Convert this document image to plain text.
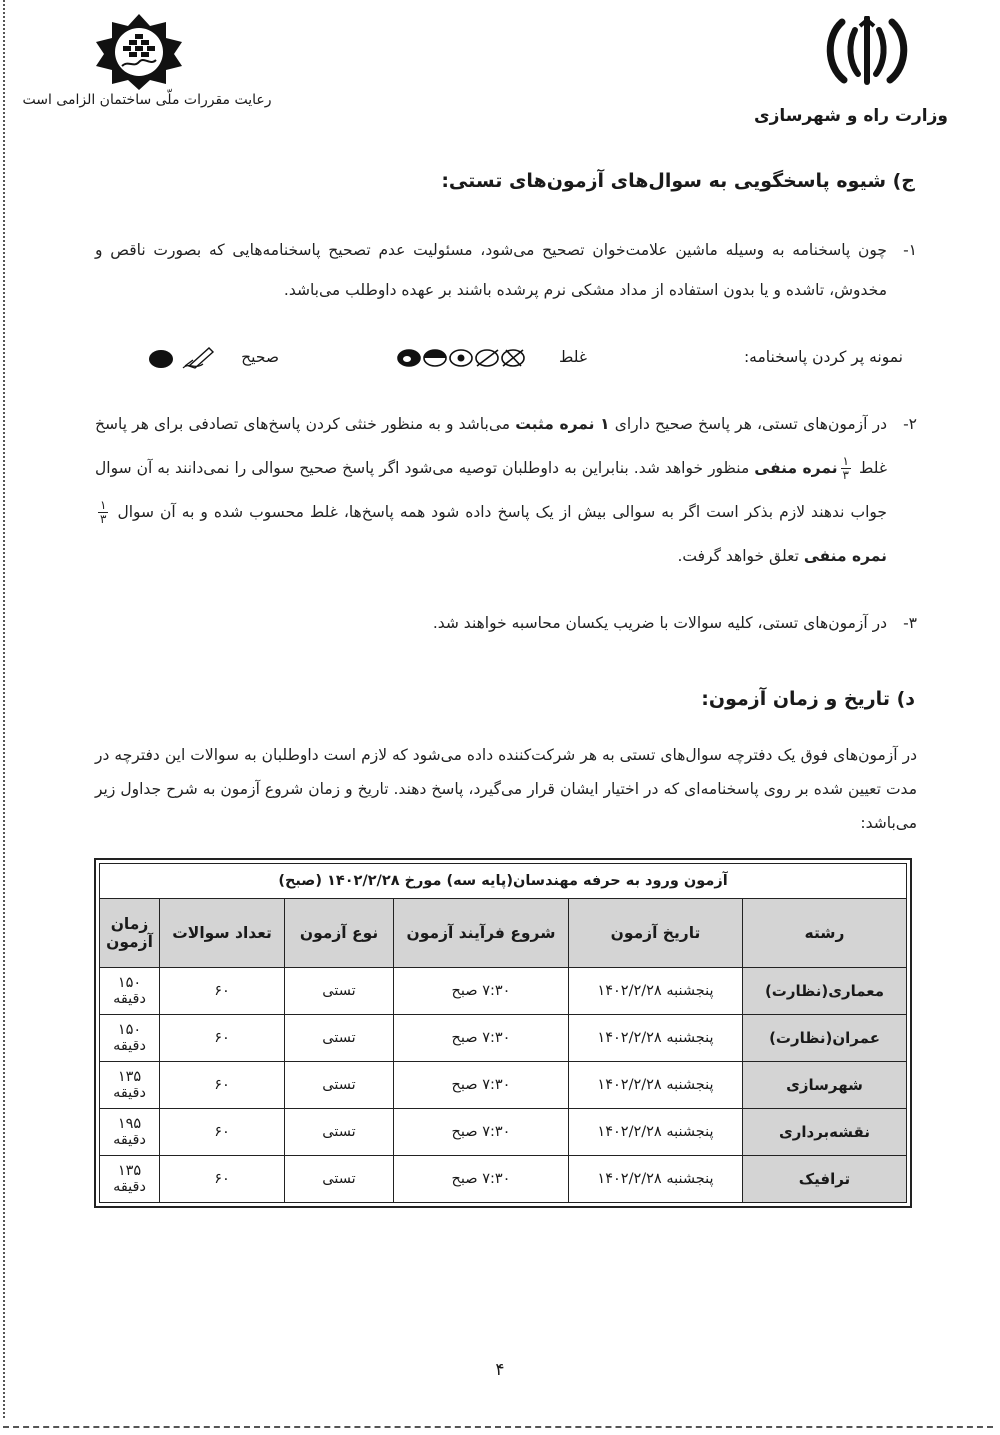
وزارت راه و شهرسازی
رعایت مقررات ملّی ساختمان الزامی است
ج) شیوه پاسخگویی به سوال‌های آزمون‌های تستی:
۱-
چون پاسخنامه به وسیله ماشین علامت‌خوان تصحیح می‌شود، مسئولیت عدم تصحیح پاسخنامه‌هایی که بصورت ناقص و مخدوش، تاشده و یا بدون استفاده از مداد مشکی نرم پرشده باشند بر عهده داوطلب می‌باشد.
نمونه پر کردن پاسخنامه:
غلط
صحیح
۲-
در آزمون‌های تستی، هر پاسخ صحیح دارای ۱ نمره مثبت می‌باشد و به منظور خنثی کردن پاسخ‌های تصادفی برای هر پاسخ غلط
$\frac{۱}{۳}$
نمره منفی منظور خواهد شد. بنابراین به داوطلبان توصیه می‌شود اگر پاسخ صحیح سوالی را نمی‌دانند به آن سوال جواب ندهند لازم بذکر است اگر به سوالی بیش از یک پاسخ داده شود همه پاسخ‌ها، غلط محسوب شده و به آن سوال
$\frac{۱}{۳}$
نمره منفی تعلق خواهد گرفت.
۳-
در آزمون‌های تستی، کلیه سوالات با ضریب یکسان محاسبه خواهند شد.
د) تاریخ و زمان آزمون:
در آزمون‌های فوق یک دفترچه سوال‌های تستی به هر شرکت‌کننده داده می‌شود که لازم است داوطلبان به سوالات این دفترچه در مدت تعیین شده بر روی پاسخنامه‌ای که در اختیار ایشان قرار می‌گیرد، پاسخ دهند. تاریخ و زمان شروع آزمون به شرح جداول زیر می‌باشد:
آزمون ورود به حرفه مهندسان(پایه سه) مورخ ۱۴۰۲/۲/۲۸ (صبح)					
رشته	تاریخ آزمون	شروع فرآیند آزمون	نوع آزمون	تعداد سوالات	زمان آزمون
معماری(نظارت)	پنجشنبه ۱۴۰۲/۲/۲۸	۷:۳۰ صبح	تستی	۶۰	۱۵۰ دقیقه
عمران(نظارت)	پنجشنبه ۱۴۰۲/۲/۲۸	۷:۳۰ صبح	تستی	۶۰	۱۵۰ دقیقه
شهرسازی	پنجشنبه ۱۴۰۲/۲/۲۸	۷:۳۰ صبح	تستی	۶۰	۱۳۵ دقیقه
نقشه‌برداری	پنجشنبه ۱۴۰۲/۲/۲۸	۷:۳۰ صبح	تستی	۶۰	۱۹۵ دقیقه
ترافیک	پنجشنبه ۱۴۰۲/۲/۲۸	۷:۳۰ صبح	تستی	۶۰	۱۳۵ دقیقه
۴
